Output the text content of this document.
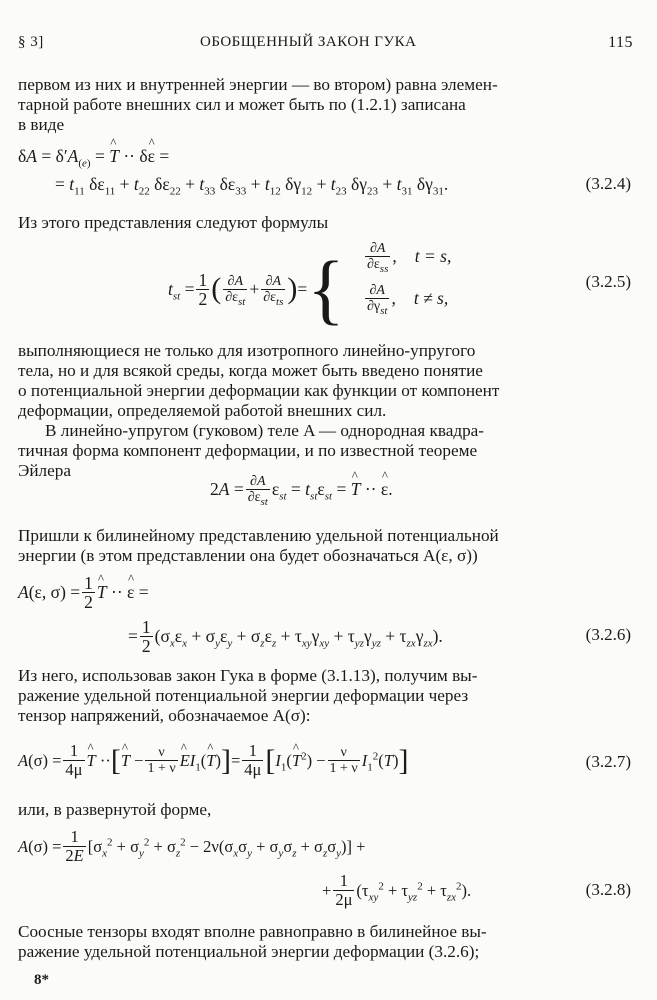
§ 3]	ОБОБЩЕННЫЙ ЗАКОН ГУКА	115
первом из них и внутренней энергии — во втором) равна элемен-
тарной работе внешних сил и может быть по (1.2.1) записана
в виде
$\delta A = \delta'A_{(e)}$ = ^ T ·· δ^ ε =
= $t_{11}$ $\delta\varepsilon_{11} + t_{22}$ $\delta\varepsilon_{22} + t_{33}$ $\delta\varepsilon_{33} + t_{12}$ $\delta\gamma_{12} + t_{23}$ $\delta\gamma_{23} + t_{31}$ $\delta\gamma_{31}$.	(3.2.4)
Из этого представления следуют формулы
$t_{st} = \frac{1}{2}$ ( $\frac{\partial A}{\partial\varepsilon_{st}} + \frac{\partial A}{\partial\varepsilon_{ts}}$ ) = { $\frac{\partial A}{\partial\varepsilon_{ss}}$ , t = s,
$\frac{\partial A}{\partial\gamma_{st}}$ , t ≠ s,
(3.2.5)
выполняющиеся не только для изотропного линейно-упругого
тела, но и для всякой среды, когда может быть введено понятие
о потенциальной энергии деформации как функции от компонент
деформации, определяемой работой внешних сил.
В линейно-упругом (гуковом) теле A — однородная квадра-
тичная форма компонент деформации, и по известной теореме
Эйлера
$2A = \frac{\partial A}{\partial\varepsilon_{st}} \varepsilon_{st} = t_{st}\varepsilon_{st}$ = ^ T ·· ^ ε.
Пришли к билинейному представлению удельной потенциальной
энергии (в этом представлении она будет обозначаться A(ε, σ))
A(ε, $\sigma) = \frac{1}{2}$ ^ T ·· ^ ε =
= $\frac{1}{2} (\sigma_x\varepsilon_x + \sigma_y\varepsilon_y + \sigma_z\varepsilon_z + \tau_{xy}\gamma_{xy} + \tau_{yz}\gamma_{yz} + \tau_{zx}\gamma_{zx})$.	(3.2.6)
Из него, использовав закон Гука в форме (3.1.13), получим вы-
ражение удельной потенциальной энергии деформации через
тензор напряжений, обозначаемое A(σ):
$A(\sigma) = \frac{1}{4\mu}$ ^ T ·· [ ^ $T - \frac{\nu}{1 + \nu}$ ^ $EI_1(\^{}$ T) ] = $\frac{1}{4\mu}$ [ $I_1(\^{}$ $T^2) - \frac{\nu}{1 + \nu} I_1^2(T)$ ]	(3.2.7)
или, в развернутой форме,
$A(\sigma) = \frac{1}{2E} [\sigma_x^2 + \sigma_y^2 + \sigma_z^2 - 2\nu(\sigma_x\sigma_y + \sigma_y\sigma_z + \sigma_z\sigma_y)]$ +
+ $\frac{1}{2\mu} (\tau_{xy}^2 + \tau_{yz}^2 + \tau_{zx}^2)$.	(3.2.8)
Соосные тензоры входят вполне равноправно в билинейное вы-
ражение удельной потенциальной энергии деформации (3.2.6);
8*
